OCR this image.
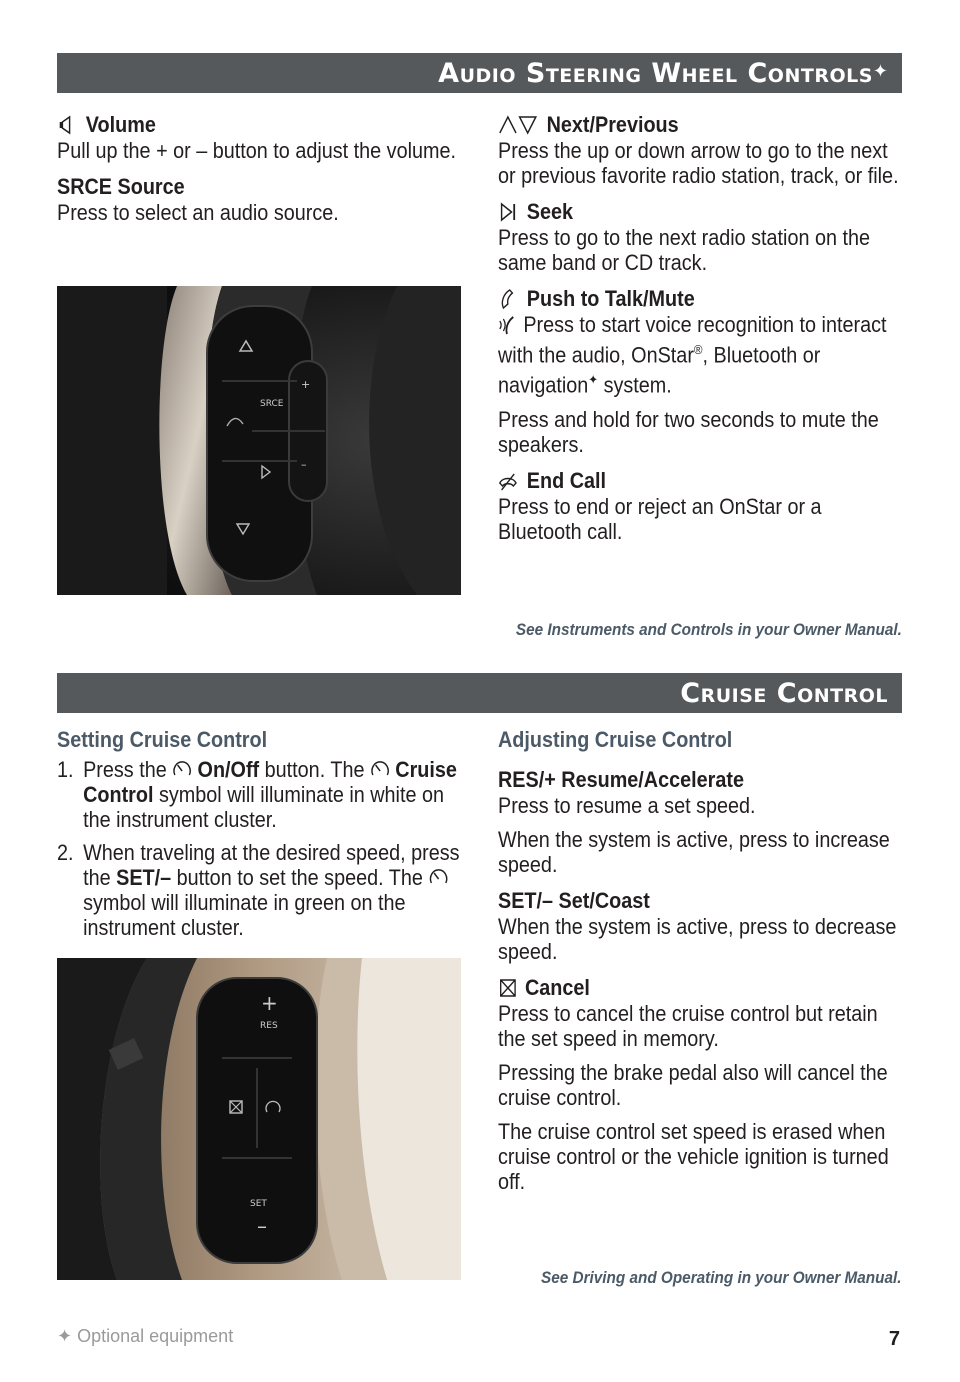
Audio Steering Wheel Controls✦
Volume
Pull up the + or – button to adjust the volume.
SRCE Source
Press to select an audio source.
SRCE
+
–
Next/Previous
Press the up or down arrow to go to the next or previous favorite radio station, track, or file.
Seek
Press to go to the next radio station on the same band or CD track.
Push to Talk/Mute
Press to start voice recognition to interact with the audio, OnStar®, Bluetooth or navigation✦ system.
Press and hold for two seconds to mute the speakers.
End Call
Press to end or reject an OnStar or a Bluetooth call.
See Instruments and Controls in your Owner Manual.
Cruise Control
Setting Cruise Control
1. Press the  On/Off button. The  Cruise Control symbol will illuminate in white on the instrument cluster.
2. When traveling at the desired speed, press the SET/– button to set the speed. The  symbol will illuminate in green on the instrument cluster.
+
RES
SET
–
Adjusting Cruise Control
RES/+ Resume/Accelerate
Press to resume a set speed.
When the system is active, press to increase speed.
SET/– Set/Coast
When the system is active, press to decrease speed.
Cancel
Press to cancel the cruise control but retain the set speed in memory.
Pressing the brake pedal also will cancel the cruise control.
The cruise control set speed is erased when cruise control or the vehicle ignition is turned off.
See Driving and Operating in your Owner Manual.
✦ Optional equipment	7
